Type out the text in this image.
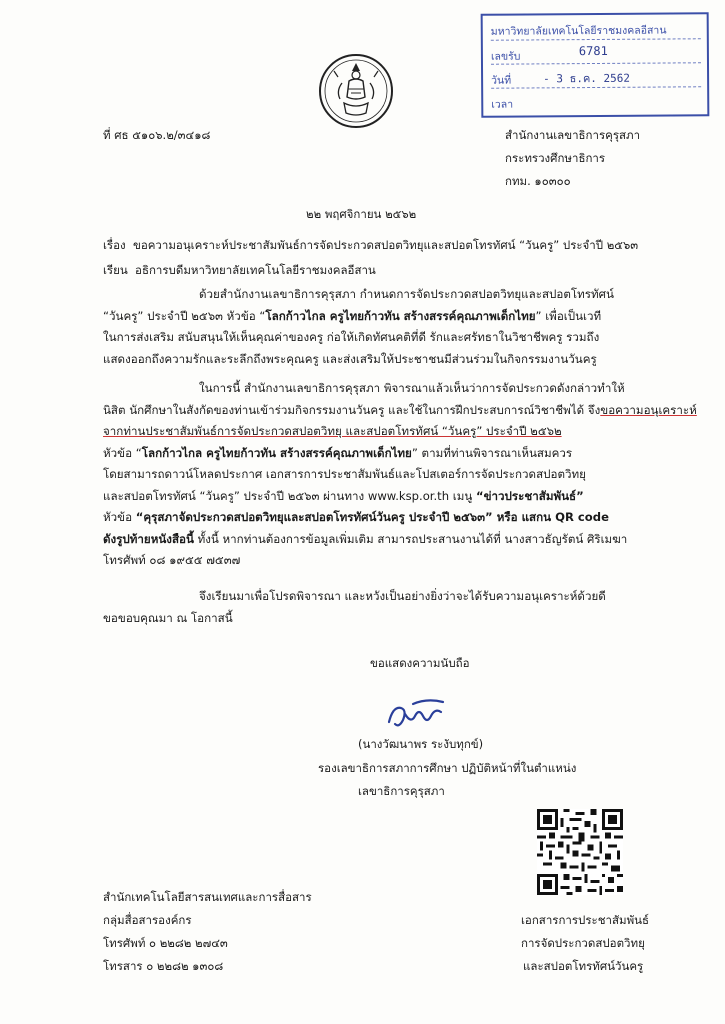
มหาวิทยาลัยเทคโนโลยีราชมงคลอีสาน
เลขรับ	6781
วันที่	- 3 ธ.ค. 2562
เวลา
ที่ ศธ ๕๑๐๖.๒/๓๔๑๘	สำนักงานเลขาธิการคุรุสภา
กระทรวงศึกษาธิการ
กทม. ๑๐๓๐๐
๒๒ พฤศจิกายน ๒๕๖๒
เรื่อง ขอความอนุเคราะห์ประชาสัมพันธ์การจัดประกวดสปอตวิทยุและสปอตโทรทัศน์ “วันครู” ประจำปี ๒๕๖๓
เรียน อธิการบดีมหาวิทยาลัยเทคโนโลยีราชมงคลอีสาน
ด้วยสำนักงานเลขาธิการคุรุสภา กำหนดการจัดประกวดสปอตวิทยุและสปอตโทรทัศน์
“วันครู” ประจำปี ๒๕๖๓ หัวข้อ “โลกก้าวไกล ครูไทยก้าวทัน สร้างสรรค์คุณภาพเด็กไทย” เพื่อเป็นเวที
ในการส่งเสริม สนับสนุนให้เห็นคุณค่าของครู ก่อให้เกิดทัศนคติที่ดี รักและศรัทธาในวิชาชีพครู รวมถึง
แสดงออกถึงความรักและระลึกถึงพระคุณครู และส่งเสริมให้ประชาชนมีส่วนร่วมในกิจกรรมงานวันครู
ในการนี้ สำนักงานเลขาธิการคุรุสภา พิจารณาแล้วเห็นว่าการจัดประกวดดังกล่าวทำให้
นิสิต นักศึกษาในสังกัดของท่านเข้าร่วมกิจกรรมงานวันครู และใช้ในการฝึกประสบการณ์วิชาชีพได้ จึงขอความอนุเคราะห์
จากท่านประชาสัมพันธ์การจัดประกวดสปอตวิทยุ และสปอตโทรทัศน์ “วันครู” ประจำปี ๒๕๖๒
หัวข้อ “โลกก้าวไกล ครูไทยก้าวทัน สร้างสรรค์คุณภาพเด็กไทย” ตามที่ท่านพิจารณาเห็นสมควร
โดยสามารถดาวน์โหลดประกาศ เอกสารการประชาสัมพันธ์และโปสเตอร์การจัดประกวดสปอตวิทยุ
และสปอตโทรทัศน์ “วันครู” ประจำปี ๒๕๖๓ ผ่านทาง www.ksp.or.th เมนู “ข่าวประชาสัมพันธ์”
หัวข้อ “คุรุสภาจัดประกวดสปอตวิทยุและสปอตโทรทัศน์วันครู ประจำปี ๒๕๖๓” หรือ แสกน QR code
ดังรูปท้ายหนังสือนี้ ทั้งนี้ หากท่านต้องการข้อมูลเพิ่มเติม สามารถประสานงานได้ที่ นางสาวธัญรัตน์ ศิริเมฆา
โทรศัพท์ ๐๘ ๑๙๕๕ ๗๕๓๗
จึงเรียนมาเพื่อโปรดพิจารณา และหวังเป็นอย่างยิ่งว่าจะได้รับความอนุเคราะห์ด้วยดี
ขอขอบคุณมา ณ โอกาสนี้
ขอแสดงความนับถือ
(นางวัฒนาพร ระงับทุกข์)
รองเลขาธิการสภาการศึกษา ปฏิบัติหน้าที่ในตำแหน่ง
เลขาธิการคุรุสภา
เอกสารการประชาสัมพันธ์
การจัดประกวดสปอตวิทยุ
และสปอตโทรทัศน์วันครู
สำนักเทคโนโลยีสารสนเทศและการสื่อสาร
กลุ่มสื่อสารองค์กร
โทรศัพท์ ๐ ๒๒๘๒ ๒๗๔๓
โทรสาร ๐ ๒๒๘๒ ๑๓๐๘
